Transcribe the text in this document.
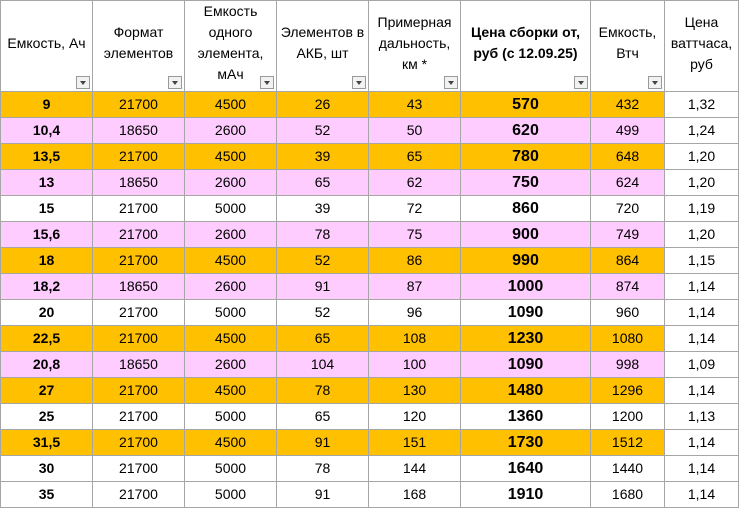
Емкость, Ач	Формат элементов	Емкость одного элемента, мАч	Элементов в АКБ, шт	Примерная дальность, км *	Цена сборки от, руб (с 12.09.25)	Емкость, Втч	Цена ваттчаса, руб

9	21700	4500	26	43	570	432	1,32
10,4	18650	2600	52	50	620	499	1,24
13,5	21700	4500	39	65	780	648	1,20
13	18650	2600	65	62	750	624	1,20
15	21700	5000	39	72	860	720	1,19
15,6	21700	2600	78	75	900	749	1,20
18	21700	4500	52	86	990	864	1,15
18,2	18650	2600	91	87	1000	874	1,14
20	21700	5000	52	96	1090	960	1,14
22,5	21700	4500	65	108	1230	1080	1,14
20,8	18650	2600	104	100	1090	998	1,09
27	21700	4500	78	130	1480	1296	1,14
25	21700	5000	65	120	1360	1200	1,13
31,5	21700	4500	91	151	1730	1512	1,14
30	21700	5000	78	144	1640	1440	1,14
35	21700	5000	91	168	1910	1680	1,14
